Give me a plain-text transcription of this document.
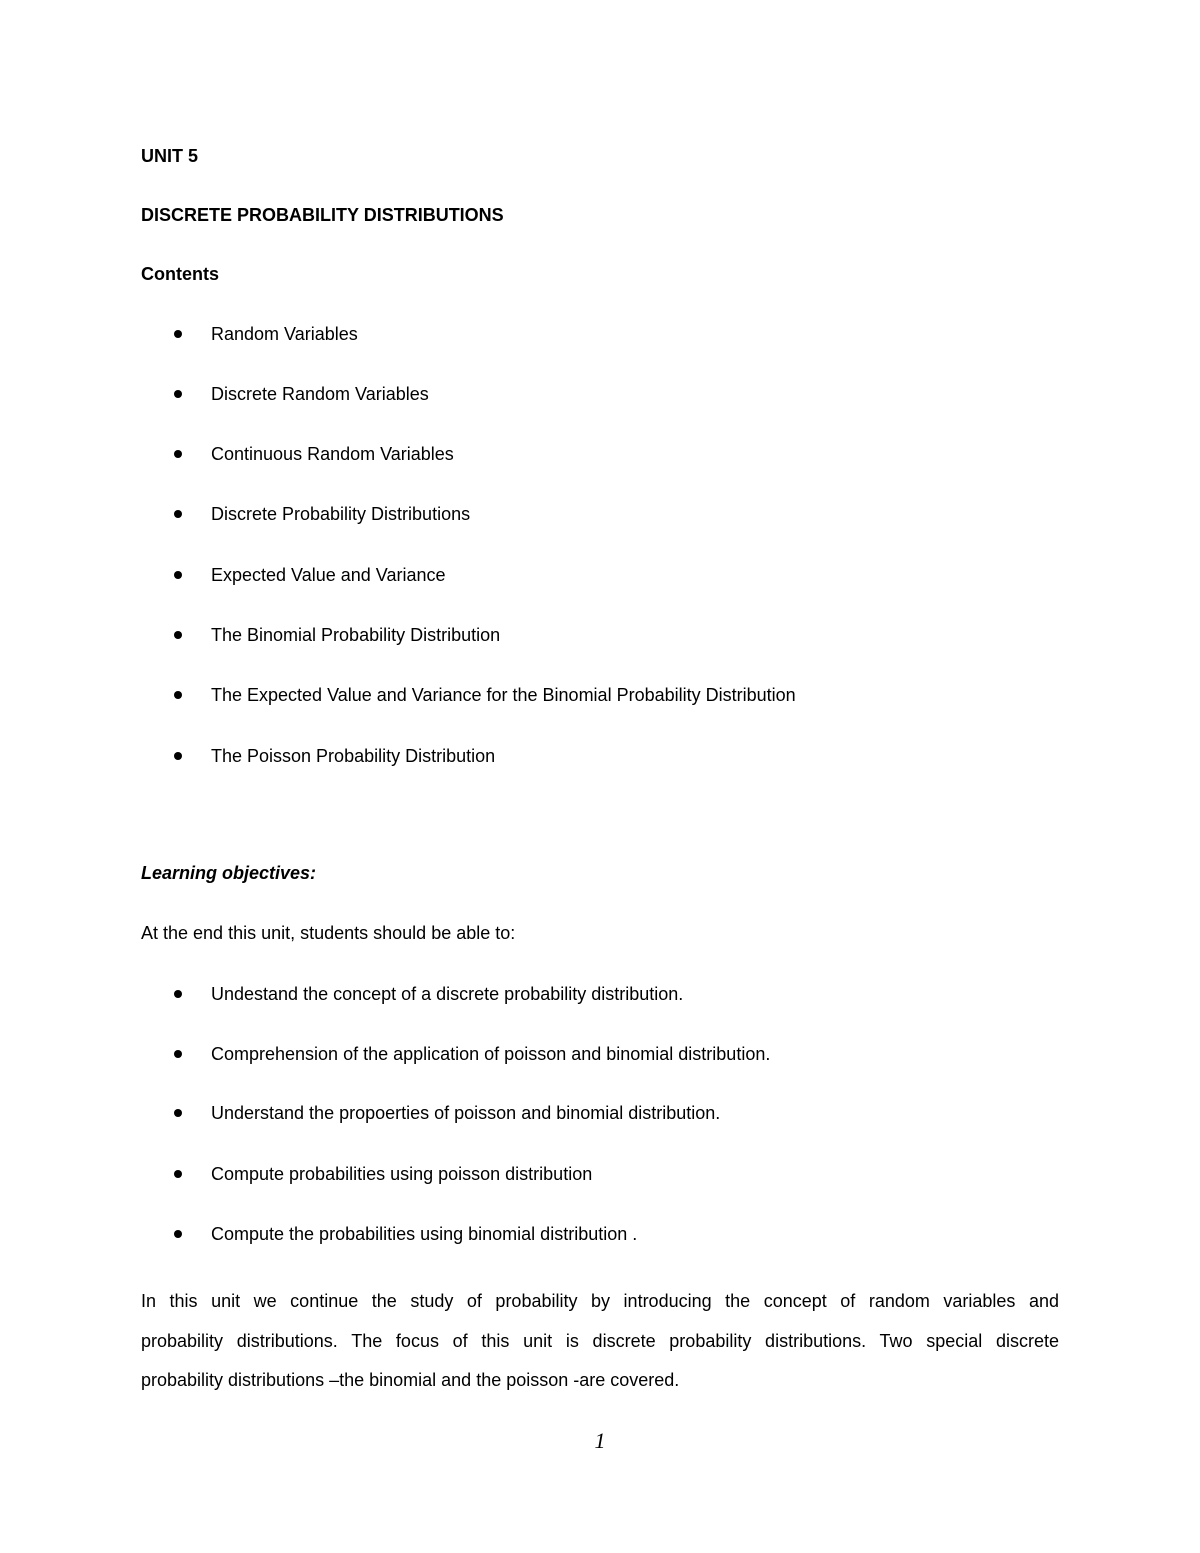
UNIT 5
DISCRETE PROBABILITY DISTRIBUTIONS
Contents
Random Variables
Discrete Random Variables
Continuous Random Variables
Discrete Probability Distributions
Expected Value and Variance
The Binomial Probability Distribution
The Expected Value and Variance for the Binomial Probability Distribution
The Poisson Probability Distribution
Learning objectives:
At the end this unit, students should be able to:
Undestand the concept of a discrete probability distribution.
Comprehension of the application of poisson and binomial distribution.
Understand the propoerties of poisson and binomial distribution.
Compute probabilities using poisson distribution
Compute the probabilities using binomial distribution .
In this unit we continue the study of probability by introducing the concept of random variables and
probability distributions. The focus of this unit is discrete probability distributions. Two special discrete
probability distributions –the binomial and the poisson -are covered.
1
